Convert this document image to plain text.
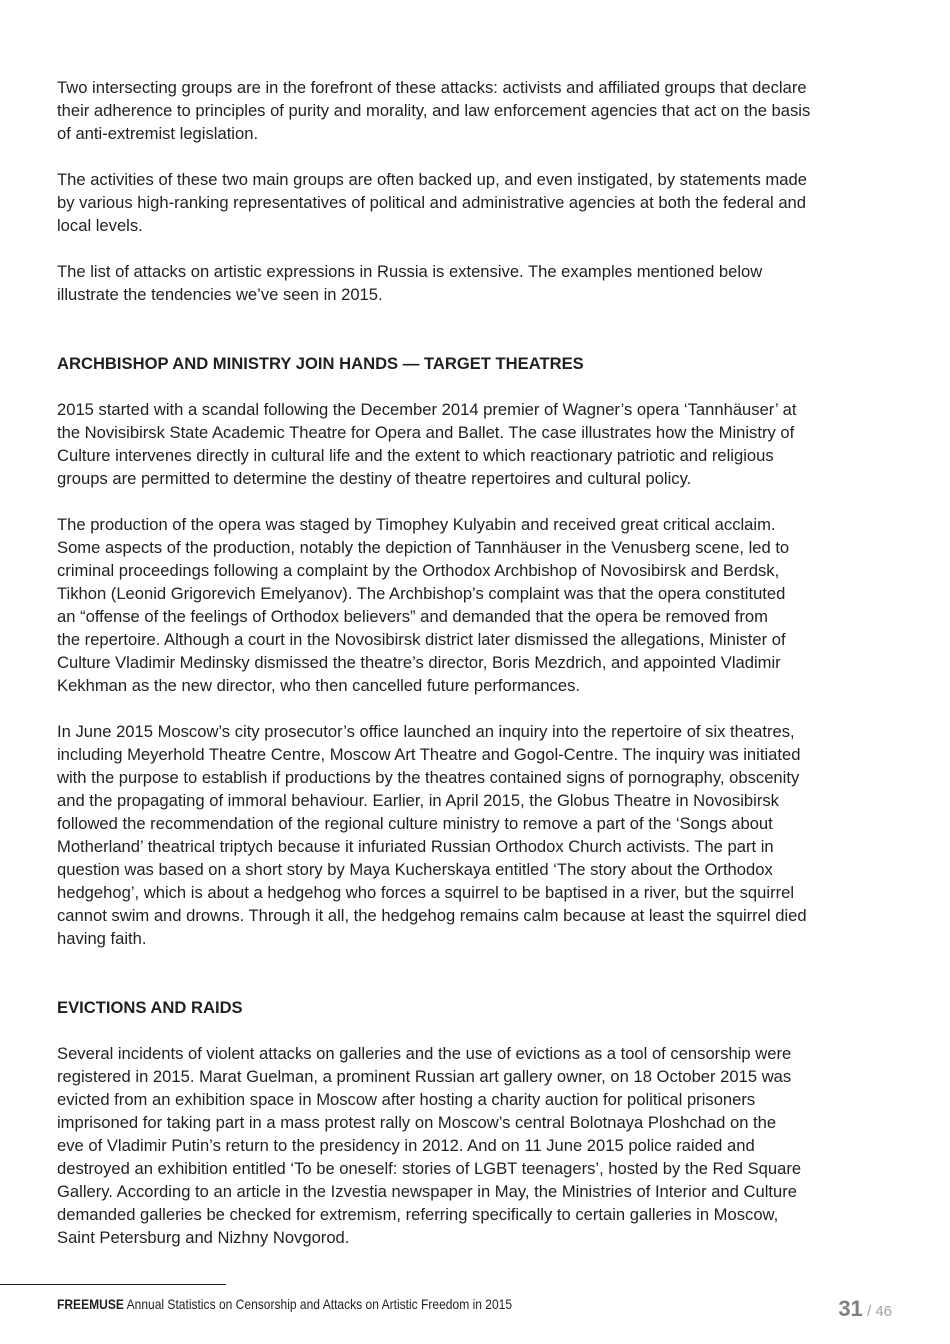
Two intersecting groups are in the forefront of these attacks: activists and affiliated groups that declare
their adherence to principles of purity and morality, and law enforcement agencies that act on the basis
of anti-extremist legislation.

The activities of these two main groups are often backed up, and even instigated, by statements made
by various high-ranking representatives of political and administrative agencies at both the federal and
local levels.

The list of attacks on artistic expressions in Russia is extensive. The examples mentioned below
illustrate the tendencies we’ve seen in 2015.

ARCHBISHOP AND MINISTRY JOIN HANDS — TARGET THEATRES

2015 started with a scandal following the December 2014 premier of Wagner’s opera ‘Tannhäuser’ at
the Novisibirsk State Academic Theatre for Opera and Ballet. The case illustrates how the Ministry of
Culture intervenes directly in cultural life and the extent to which reactionary patriotic and religious
groups are permitted to determine the destiny of theatre repertoires and cultural policy.

The production of the opera was staged by Timophey Kulyabin and received great critical acclaim.
Some aspects of the production, notably the depiction of Tannhäuser in the Venusberg scene, led to
criminal proceedings following a complaint by the Orthodox Archbishop of Novosibirsk and Berdsk,
Tikhon (Leonid Grigorevich Emelyanov). The Archbishop’s complaint was that the opera constituted
an “offense of the feelings of Orthodox believers” and demanded that the opera be removed from
the repertoire. Although a court in the Novosibirsk district later dismissed the allegations, Minister of
Culture Vladimir Medinsky dismissed the theatre’s director, Boris Mezdrich, and appointed Vladimir
Kekhman as the new director, who then cancelled future performances.

In June 2015 Moscow’s city prosecutor’s office launched an inquiry into the repertoire of six theatres,
including Meyerhold Theatre Centre, Moscow Art Theatre and Gogol-Centre. The inquiry was initiated
with the purpose to establish if productions by the theatres contained signs of pornography, obscenity
and the propagating of immoral behaviour. Earlier, in April 2015, the Globus Theatre in Novosibirsk
followed the recommendation of the regional culture ministry to remove a part of the ‘Songs about
Motherland’ theatrical triptych because it infuriated Russian Orthodox Church activists. The part in
question was based on a short story by Maya Kucherskaya entitled ‘The story about the Orthodox
hedgehog’, which is about a hedgehog who forces a squirrel to be baptised in a river, but the squirrel
cannot swim and drowns. Through it all, the hedgehog remains calm because at least the squirrel died
having faith.

EVICTIONS AND RAIDS

Several incidents of violent attacks on galleries and the use of evictions as a tool of censorship were
registered in 2015. Marat Guelman, a prominent Russian art gallery owner, on 18 October 2015 was
evicted from an exhibition space in Moscow after hosting a charity auction for political prisoners
imprisoned for taking part in a mass protest rally on Moscow’s central Bolotnaya Ploshchad on the
eve of Vladimir Putin’s return to the presidency in 2012. And on 11 June 2015 police raided and
destroyed an exhibition entitled ‘To be oneself: stories of LGBT teenagers’, hosted by the Red Square
Gallery. According to an article in the Izvestia newspaper in May, the Ministries of Interior and Culture
demanded galleries be checked for extremism, referring specifically to certain galleries in Moscow,
Saint Petersburg and Nizhny Novgorod.

FREEMUSE Annual Statistics on Censorship and Attacks on Artistic Freedom in 2015	31 / 46
